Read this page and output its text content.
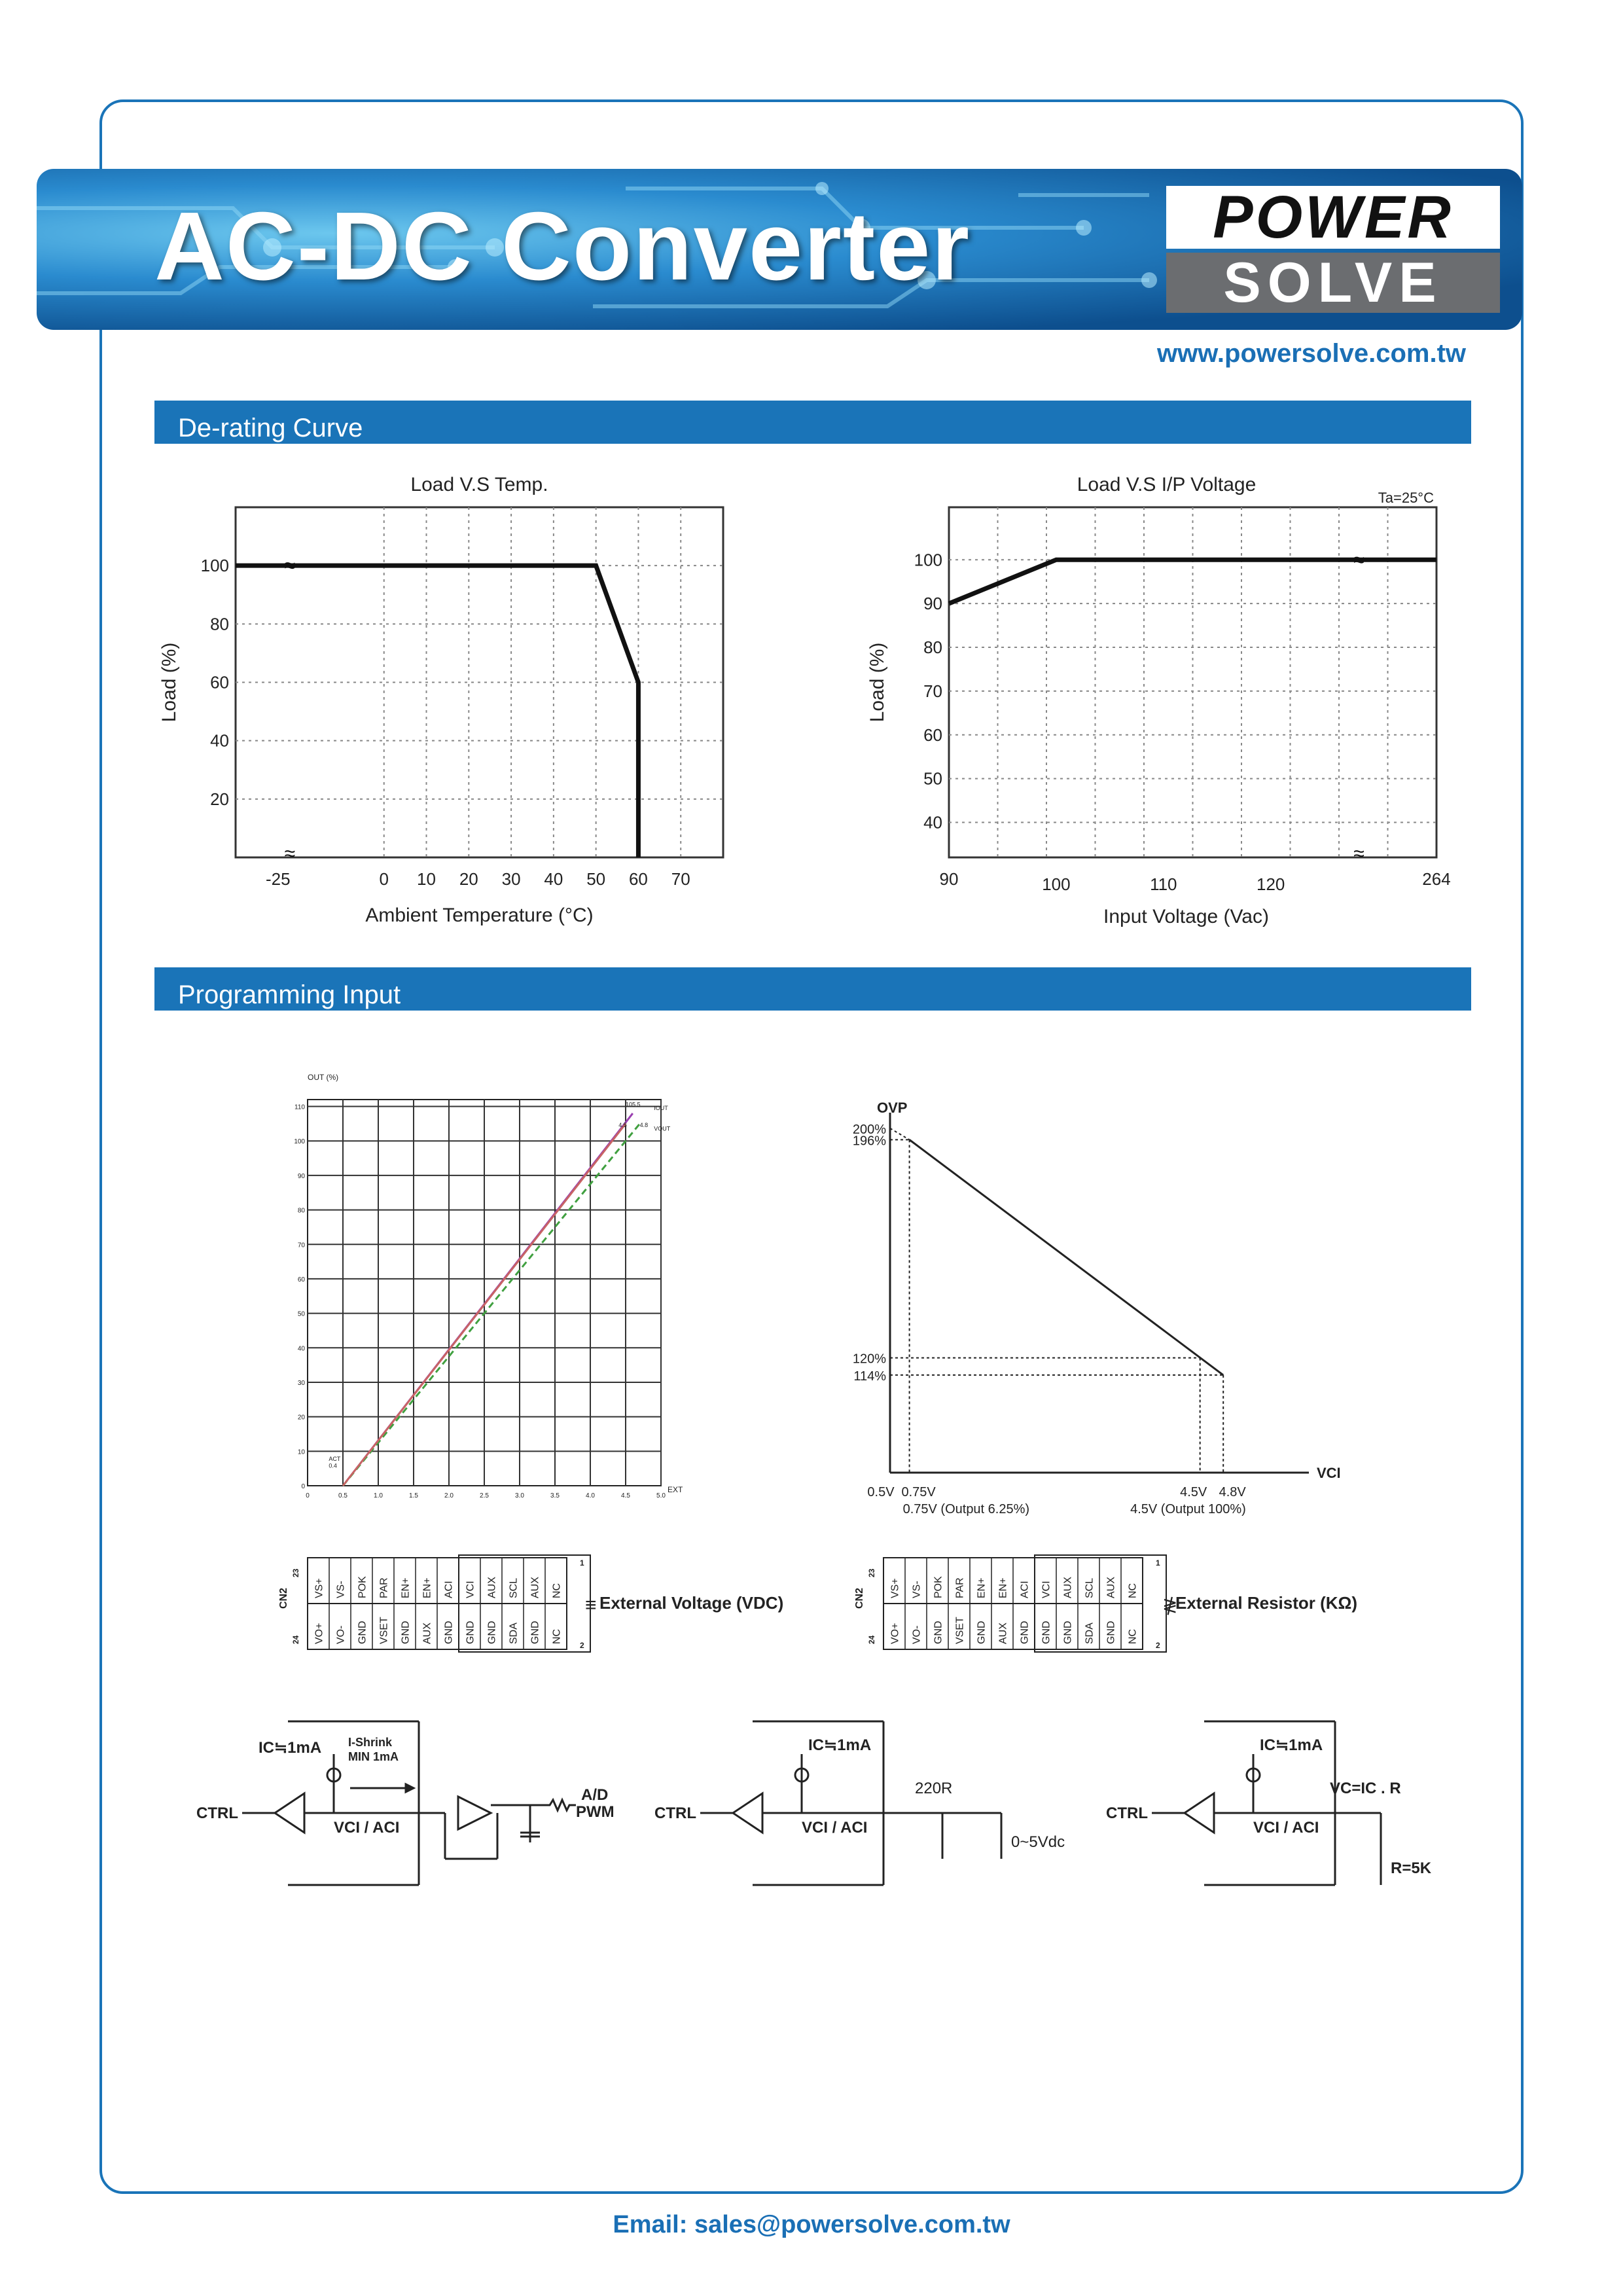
AC-DC Converter	POWER
SOLVE
www.powersolve.com.tw
De-rating Curve
Programming Input
-25	0 10 20 30 40 50 60 70
20
40
60
80
100
Load V.S Temp.
Ambient Temperature (°C)
Load (%)
≈
≈
90	100	110	120	264
40
50
60
70
80
90
100
Load V.S I/P Voltage
Ta=25°C
Input Voltage (Vac)
Load (%)
≈
≈
0	0.5	1.0	1.5	2.0	2.5	3.0	3.5	4.0	4.5	5.0
0
10
20
30
40
50
60
70
80
90
100
110
OUT (%)
EXT
0.4
ACT
4.5 4.8
105.5
IOUT
VOUT
OVP
VCI
200%
196%
120%
114%
0.5V 0.75V	4.5V 4.8V
0.75V (Output 6.25%)	4.5V (Output 100%)
CN2
23
24
VS+ VS- POK PAR EN+ EN+ ACI VCI AUX SCL AUX NC
VO+ VO- GND VSET GND AUX GND GND GND SDA GND NC
1
2
≡ External Voltage (VDC)	CN2
23
24
VS+ VS- POK PAR EN+ EN+ ACI VCI AUX SCL AUX NC
VO+ VO- GND VSET GND AUX GND GND GND SDA GND NC
1
2
≹
External Resistor (KΩ)
CTRL
IC≒1mA I-Shrink
MIN 1mA
VCI / ACI
A/D
PWM	CTRL
IC≒1mA
VCI / ACI
220R
0~5Vdc
CTRL
IC≒1mA
VCI / ACI
VC=IC . R
R=5K
Email: sales@powersolve.com.tw
